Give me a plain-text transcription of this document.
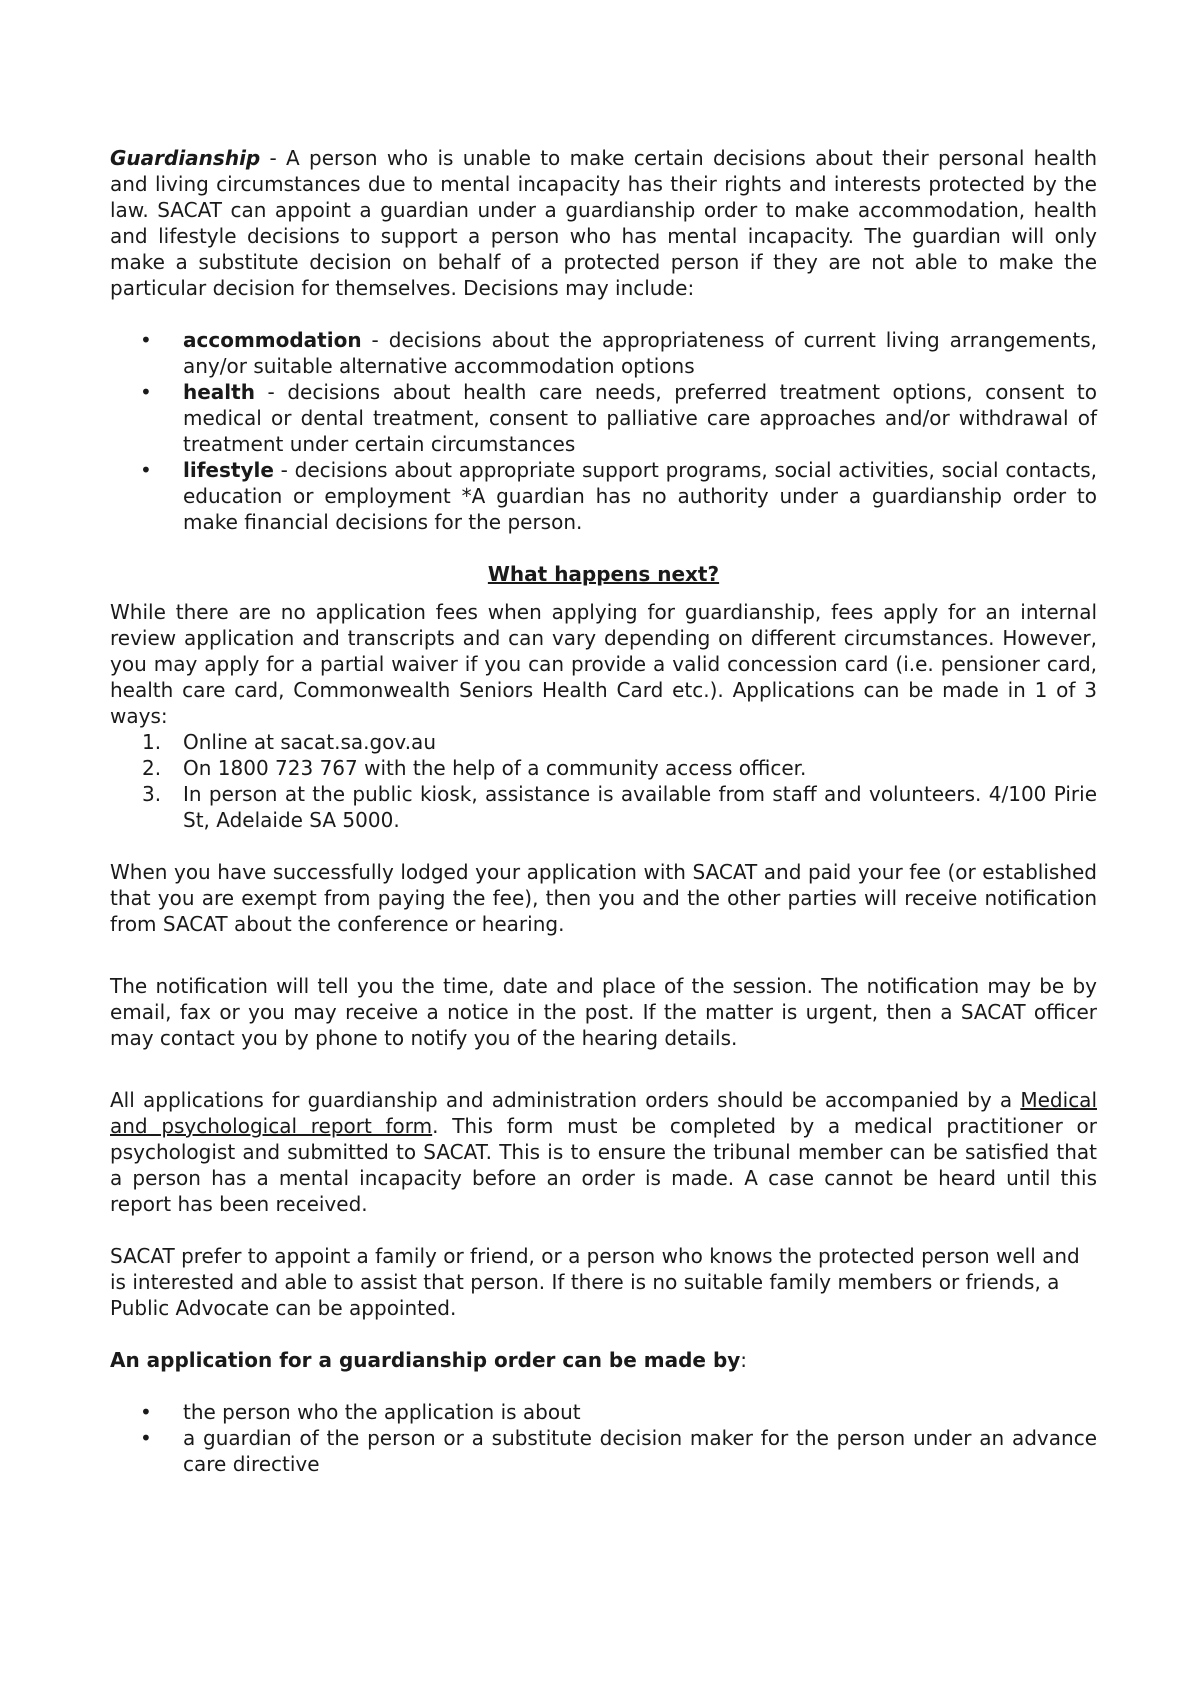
Guardianship - A person who is unable to make certain decisions about their personal health and living circumstances due to mental incapacity has their rights and interests protected by the law. SACAT can appoint a guardian under a guardianship order to make accommodation, health and lifestyle decisions to support a person who has mental incapacity. The guardian will only make a substitute decision on behalf of a protected person if they are not able to make the particular decision for themselves. Decisions may include:

• accommodation - decisions about the appropriateness of current living arrangements, any/or suitable alternative accommodation options
• health - decisions about health care needs, preferred treatment options, consent to medical or dental treatment, consent to palliative care approaches and/or withdrawal of treatment under certain circumstances
• lifestyle - decisions about appropriate support programs, social activities, social contacts, education or employment *A guardian has no authority under a guardianship order to make financial decisions for the person.

What happens next?

While there are no application fees when applying for guardianship, fees apply for an internal review application and transcripts and can vary depending on different circumstances. However, you may apply for a partial waiver if you can provide a valid concession card (i.e. pensioner card, health care card, Commonwealth Seniors Health Card etc.). Applications can be made in 1 of 3 ways:

1. Online at sacat.sa.gov.au
2. On 1800 723 767 with the help of a community access officer.
3. In person at the public kiosk, assistance is available from staff and volunteers. 4/100 Pirie St, Adelaide SA 5000.

When you have successfully lodged your application with SACAT and paid your fee (or established that you are exempt from paying the fee), then you and the other parties will receive notification from SACAT about the conference or hearing.

The notification will tell you the time, date and place of the session. The notification may be by email, fax or you may receive a notice in the post. If the matter is urgent, then a SACAT officer may contact you by phone to notify you of the hearing details.

All applications for guardianship and administration orders should be accompanied by a Medical and psychological report form. This form must be completed by a medical practitioner or psychologist and submitted to SACAT. This is to ensure the tribunal member can be satisfied that a person has a mental incapacity before an order is made. A case cannot be heard until this report has been received.

SACAT prefer to appoint a family or friend, or a person who knows the protected person well and is interested and able to assist that person. If there is no suitable family members or friends, a Public Advocate can be appointed.

An application for a guardianship order can be made by:

• the person who the application is about
• a guardian of the person or a substitute decision maker for the person under an advance care directive
